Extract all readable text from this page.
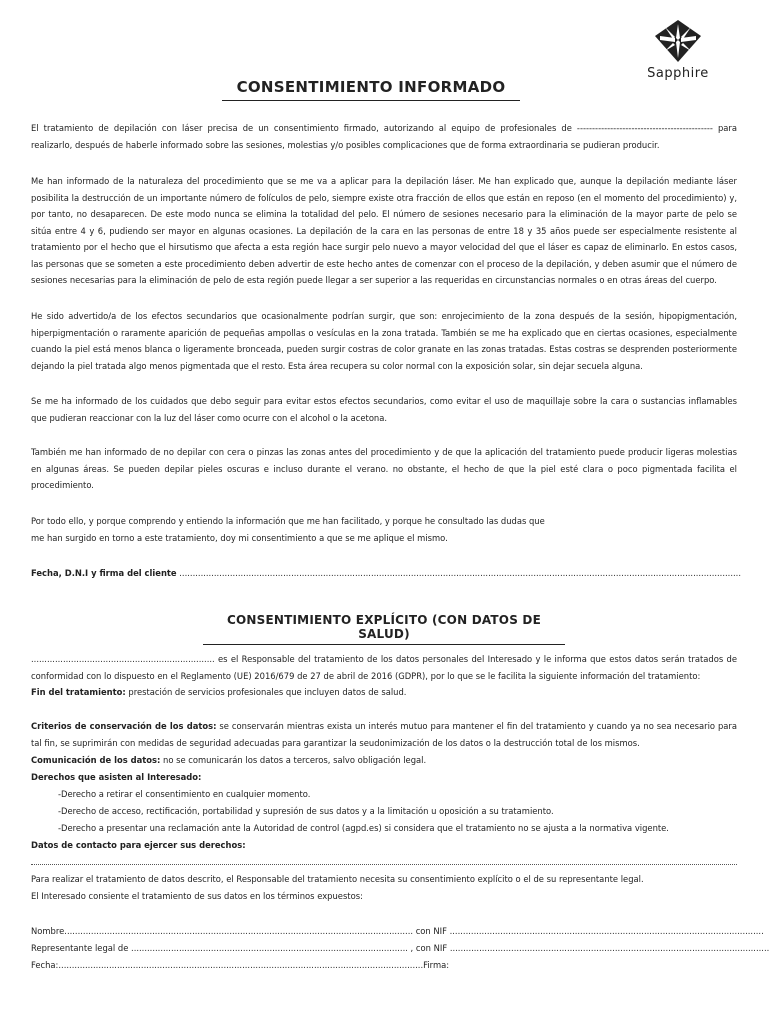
Sapphire
CONSENTIMIENTO INFORMADO

El tratamiento de depilación con láser precisa de un consentimiento firmado, autorizando al equipo de profesionales de --------------------------------------------- para realizarlo, después de haberle informado sobre las sesiones, molestias y/o posibles complicaciones que de forma extraordinaria se pudieran producir.

Me han informado de la naturaleza del procedimiento que se me va a aplicar para la depilación láser. Me han explicado que, aunque la depilación mediante láser posibilita la destrucción de un importante número de folículos de pelo, siempre existe otra fracción de ellos que están en reposo (en el momento del procedimiento) y, por tanto, no desaparecen. De este modo nunca se elimina la totalidad del pelo. El número de sesiones necesario para la eliminación de la mayor parte de pelo se sitúa entre 4 y 6, pudiendo ser mayor en algunas ocasiones. La depilación de la cara en las personas de entre 18 y 35 años puede ser especialmente resistente al tratamiento por el hecho que el hirsutismo que afecta a esta región hace surgir pelo nuevo a mayor velocidad del que el láser es capaz de eliminarlo. En estos casos, las personas que se someten a este procedimiento deben advertir de este hecho antes de comenzar con el proceso de la depilación, y deben asumir que el número de sesiones necesarias para la eliminación de pelo de esta región puede llegar a ser superior a las requeridas en circunstancias normales o en otras áreas del cuerpo.

He sido advertido/a de los efectos secundarios que ocasionalmente podrían surgir, que son: enrojecimiento de la zona después de la sesión, hipopigmentación, hiperpigmentación o raramente aparición de pequeñas ampollas o vesículas en la zona tratada. También se me ha explicado que en ciertas ocasiones, especialmente cuando la piel está menos blanca o ligeramente bronceada, pueden surgir costras de color granate en las zonas tratadas. Estas costras se desprenden posteriormente dejando la piel tratada algo menos pigmentada que el resto. Esta área recupera su color normal con la exposición solar, sin dejar secuela alguna.

Se me ha informado de los cuidados que debo seguir para evitar estos efectos secundarios, como evitar el uso de maquillaje sobre la cara o sustancias inflamables que pudieran reaccionar con la luz del láser como ocurre con el alcohol o la acetona.

También me han informado de no depilar con cera o pinzas las zonas antes del procedimiento y de que la aplicación del tratamiento puede producir ligeras molestias en algunas áreas. Se pueden depilar pieles oscuras e incluso durante el verano. no obstante, el hecho de que la piel esté clara o poco pigmentada facilita el procedimiento.

Por todo ello, y porque comprendo y entiendo la información que me han facilitado, y porque he consultado las dudas que
me han surgido en torno a este tratamiento, doy mi consentimiento a que se me aplique el mismo.

Fecha, D.N.I y firma del cliente ...................................................................................................................................................................................................................

CONSENTIMIENTO EXPLÍCITO (CON DATOS DE SALUD)

..................................................................... es el Responsable del tratamiento de los datos personales del Interesado y le informa que estos datos serán tratados de conformidad con lo dispuesto en el Reglamento (UE) 2016/679 de 27 de abril de 2016 (GDPR), por lo que se le facilita la siguiente información del tratamiento:

Fin del tratamiento: prestación de servicios profesionales que incluyen datos de salud.

Criterios de conservación de los datos: se conservarán mientras exista un interés mutuo para mantener el fin del tratamiento y cuando ya no sea necesario para tal fin, se suprimirán con medidas de seguridad adecuadas para garantizar la seudonimización de los datos o la destrucción total de los mismos.

Comunicación de los datos: no se comunicarán los datos a terceros, salvo obligación legal.

Derechos que asisten al Interesado:

-Derecho a retirar el consentimiento en cualquier momento.

-Derecho de acceso, rectificación, portabilidad y supresión de sus datos y a la limitación u oposición a su tratamiento.

-Derecho a presentar una reclamación ante la Autoridad de control (agpd.es) si considera que el tratamiento no se ajusta a la normativa vigente.

Datos de contacto para ejercer sus derechos:

Para realizar el tratamiento de datos descrito, el Responsable del tratamiento necesita su consentimiento explícito o el de su representante legal.

El Interesado consiente el tratamiento de sus datos en los términos expuestos:

Nombre................................................................................................................................... con NIF ......................................................................................................................

Representante legal de ........................................................................................................ , con NIF ........................................................................................................................

Fecha:.........................................................................................................................................Firma:
